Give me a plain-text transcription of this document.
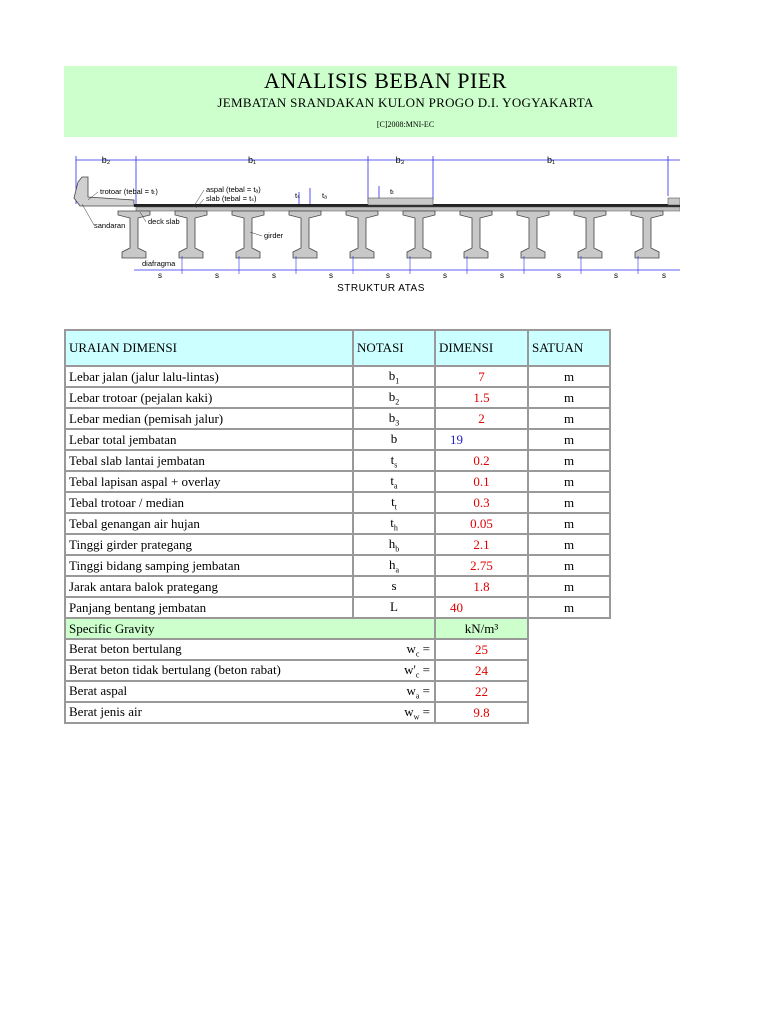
ANALISIS BEBAN PIER
JEMBATAN SRANDAKAN KULON PROGO D.I. YOGYAKARTA
[C]2008:MNI-EC
b₂	b₁	b₃	b₁
s	s	s	s	s	s	s	s	s	s
trotoar (tebal = tₜ)	aspal (tebal = tₐ)
slab (tebal = tₛ)	tₛ	tₐ	tₜ
sandaran	deck slab
girder
diafragma
STRUKTUR ATAS
URAIAN DIMENSI	NOTASI	DIMENSI	SATUAN
Lebar jalan (jalur lalu-lintas)	$b_1$	7	m
Lebar trotoar (pejalan kaki)	$b_2$	1.5	m
Lebar median (pemisah jalur)	$b_3$	2	m
Lebar total jembatan	b	19	m
Tebal slab lantai jembatan	$t_s$	0.2	m
Tebal lapisan aspal + overlay	$t_a$	0.1	m
Tebal trotoar / median	$t_t$	0.3	m
Tebal genangan air hujan	$t_h$	0.05	m
Tinggi girder prategang	$h_b$	2.1	m
Tinggi bidang samping jembatan	$h_a$	2.75	m
Jarak antara balok prategang	s	1.8	m
Panjang bentang jembatan	L	40	m
Specific Gravity		kN/m³	
Berat beton bertulang $w_c$ =		25	
Berat beton tidak bertulang (beton rabat) $w'_c$ =		24	
Berat aspal $w_a$ =		22	
Berat jenis air $w_w$ =		9.8	
